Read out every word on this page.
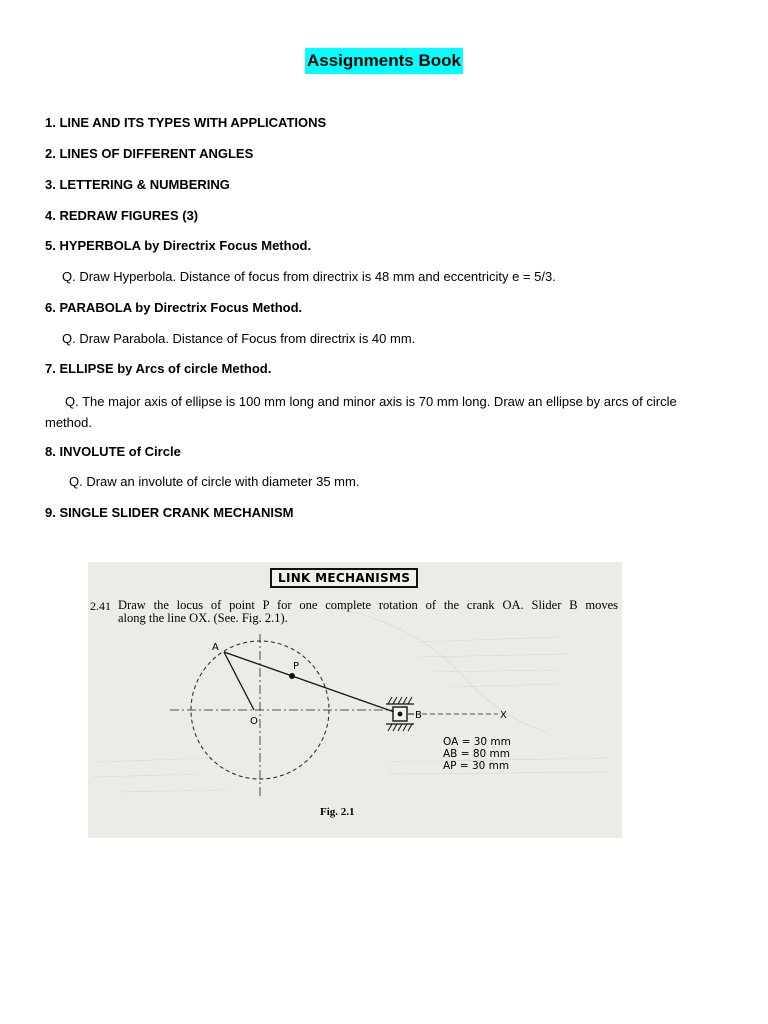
Assignments Book
1. LINE AND ITS TYPES WITH APPLICATIONS
2. LINES OF DIFFERENT ANGLES
3. LETTERING & NUMBERING
4. REDRAW FIGURES (3)
5. HYPERBOLA by Directrix Focus Method.
Q. Draw Hyperbola. Distance of focus from directrix is 48 mm and eccentricity e = 5/3.
6. PARABOLA by Directrix Focus Method.
Q. Draw Parabola. Distance of Focus from directrix is 40 mm.
7. ELLIPSE by Arcs of circle Method.
Q. The major axis of ellipse is 100 mm long and minor axis is 70 mm long. Draw an ellipse by arcs of circle method.
8. INVOLUTE of Circle
Q. Draw an involute of circle with diameter 35 mm.
9. SINGLE SLIDER CRANK MECHANISM
A
P
O
B	X
LINK MECHANISMS
2.41 Draw the locus of point P for one complete rotation of the crank OA. Slider B moves
along the line OX. (See. Fig. 2.1).
OA = 30 mm
AB = 80 mm
AP = 30 mm
Fig. 2.1
